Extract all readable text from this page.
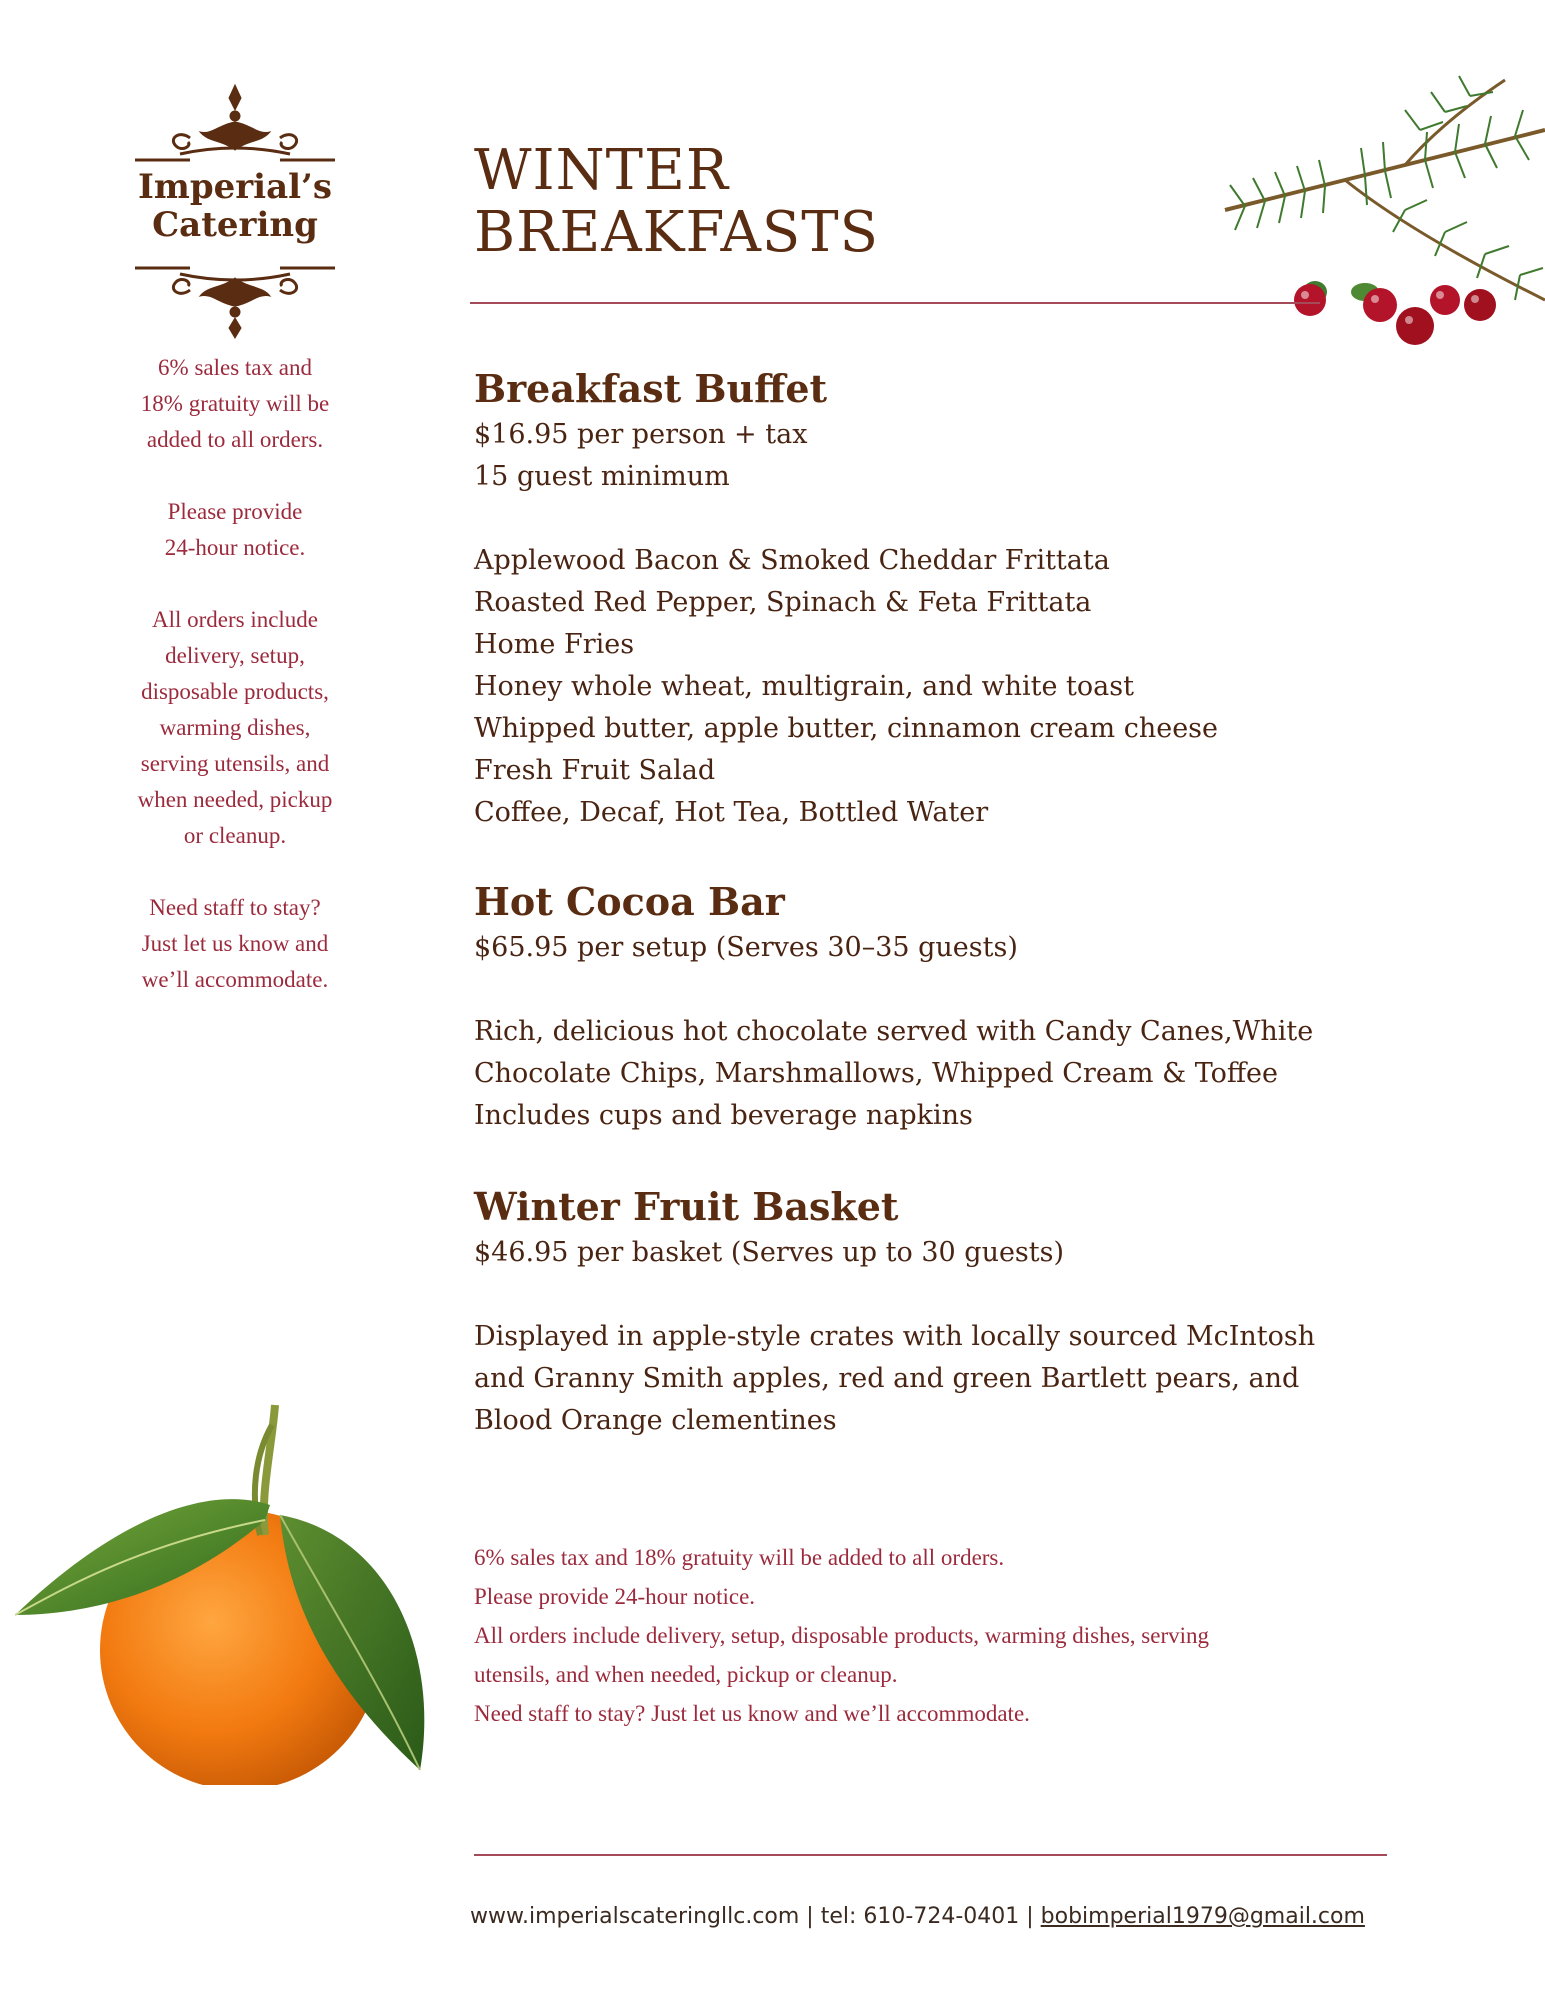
Imperial’s
Catering

6% sales tax and
18% gratuity will be
added to all orders.

Please provide
24-hour notice.

All orders include
delivery, setup,
disposable products,
warming dishes,
serving utensils, and
when needed, pickup
or cleanup.

Need staff to stay?
Just let us know and
we’ll accommodate.

WINTER
BREAKFASTS
Breakfast Buffet
$16.95 per person + tax
15 guest minimum
Applewood Bacon & Smoked Cheddar Frittata
Roasted Red Pepper, Spinach & Feta Frittata
Home Fries
Honey whole wheat, multigrain, and white toast
Whipped butter, apple butter, cinnamon cream cheese
Fresh Fruit Salad
Coffee, Decaf, Hot Tea, Bottled Water
Hot Cocoa Bar
$65.95 per setup (Serves 30–35 guests)
Rich, delicious hot chocolate served with Candy Canes,White
Chocolate Chips, Marshmallows, Whipped Cream & Toffee
Includes cups and beverage napkins
Winter Fruit Basket
$46.95 per basket (Serves up to 30 guests)
Displayed in apple-style crates with locally sourced McIntosh
and Granny Smith apples, red and green Bartlett pears, and
Blood Orange clementines
6% sales tax and 18% gratuity will be added to all orders.
Please provide 24-hour notice.
All orders include delivery, setup, disposable products, warming dishes, serving
utensils, and when needed, pickup or cleanup.
Need staff to stay? Just let us know and we’ll accommodate.
www.imperialscateringllc.com | tel: 610-724-0401 | bobimperial1979@gmail.com
